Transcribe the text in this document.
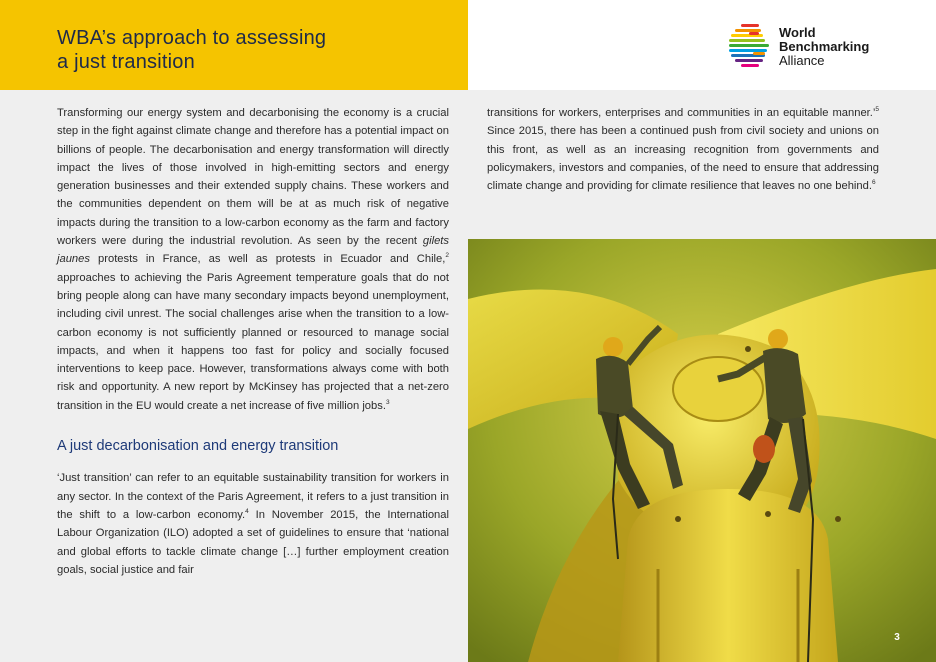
WBA’s approach to assessing
a just transition
World
Benchmarking
Alliance

Transforming our energy system and decarbonising the economy is a crucial step in the fight against climate change and therefore has a potential impact on billions of people. The decarbonisation and energy transformation will directly impact the lives of those involved in high-emitting sectors and energy generation businesses and their extended supply chains. These workers and the communities dependent on them will be at as much risk of negative impacts during the transition to a low-carbon economy as the farm and factory workers were during the industrial revolution. As seen by the recent gilets jaunes protests in France, as well as protests in Ecuador and Chile,$^2$ approaches to achieving the Paris Agreement temperature goals that do not bring people along can have many secondary impacts beyond unemployment, including civil unrest. The social challenges arise when the transition to a low-carbon economy is not sufficiently planned or resourced to manage social impacts, and when it happens too fast for policy and socially focused interventions to keep pace. However, transformations always come with both risk and opportunity. A new report by McKinsey has projected that a net-zero transition in the EU would create a net increase of five million jobs.$^3$

A just decarbonisation and energy transition

‘Just transition’ can refer to an equitable sustainability transition for workers in any sector. In the context of the Paris Agreement, it refers to a just transition in the shift to a low-carbon economy.$^4$ In November 2015, the International Labour Organization (ILO) adopted a set of guidelines to ensure that ‘national and global efforts to tackle climate change […] further employment creation goals, social justice and fair

transitions for workers, enterprises and communities in an equitable manner.’$^5$ Since 2015, there has been a continued push from civil society and unions on this front, as well as an increasing recognition from governments and policymakers, investors and companies, of the need to ensure that addressing climate change and providing for climate resilience that leaves no one behind.$^6$

3
